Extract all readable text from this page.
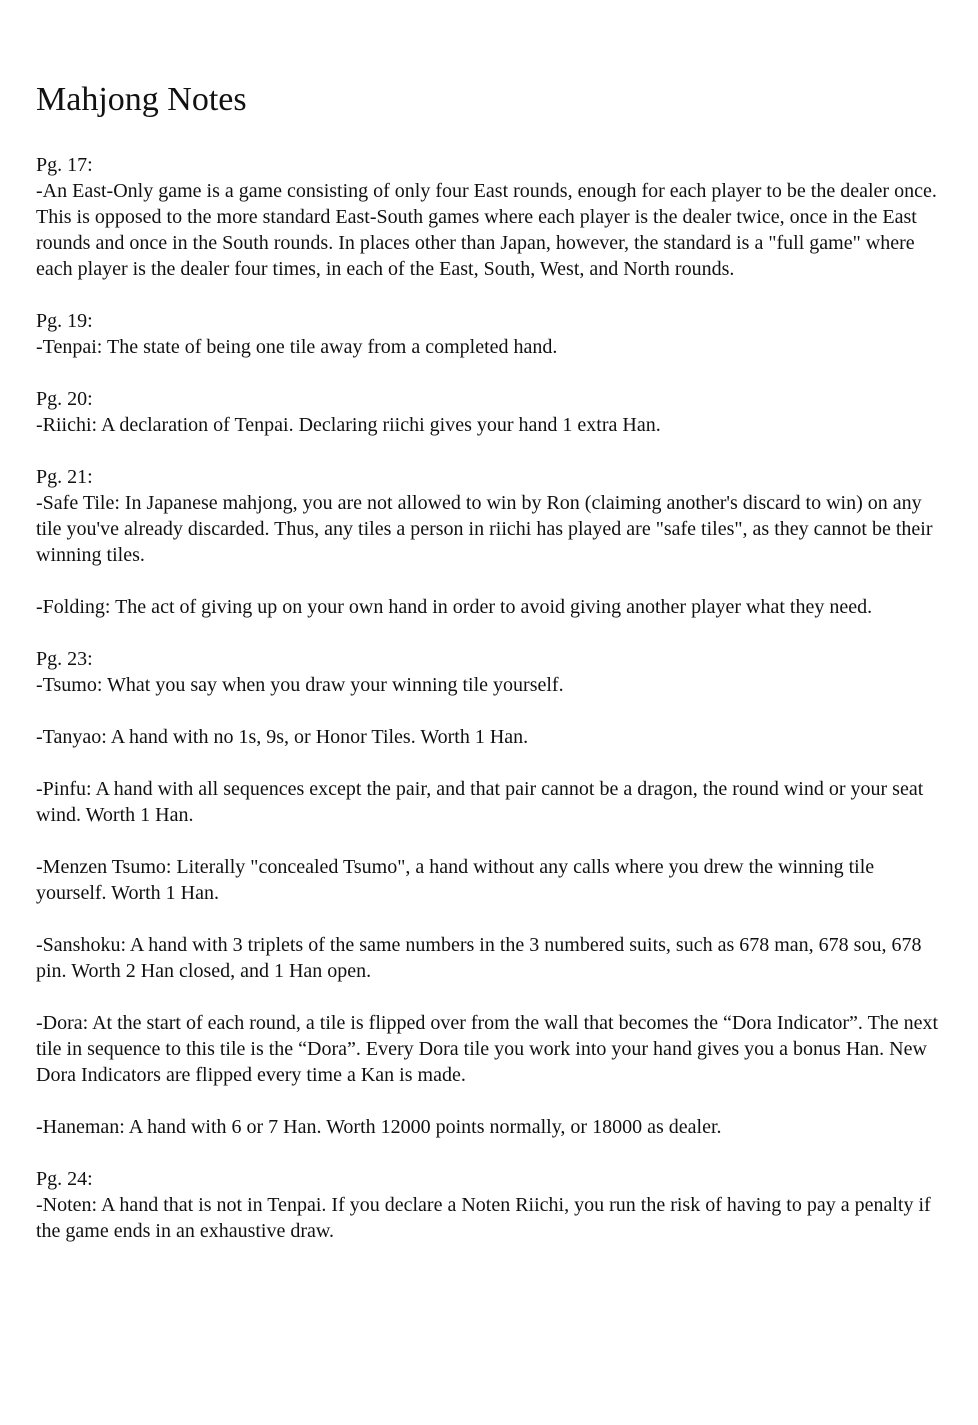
Mahjong Notes
Pg. 17:
-An East-Only game is a game consisting of only four East rounds, enough for each player to be the dealer once. This is opposed to the more standard East-South games where each player is the dealer twice, once in the East rounds and once in the South rounds. In places other than Japan, however, the standard is a "full game" where each player is the dealer four times, in each of the East, South, West, and North rounds.
Pg. 19:
-Tenpai: The state of being one tile away from a completed hand.
Pg. 20:
-Riichi: A declaration of Tenpai. Declaring riichi gives your hand 1 extra Han.
Pg. 21:
-Safe Tile: In Japanese mahjong, you are not allowed to win by Ron (claiming another's discard to win) on any tile you've already discarded. Thus, any tiles a person in riichi has played are "safe tiles", as they cannot be their winning tiles.
-Folding: The act of giving up on your own hand in order to avoid giving another player what they need.
Pg. 23:
-Tsumo: What you say when you draw your winning tile yourself.
-Tanyao: A hand with no 1s, 9s, or Honor Tiles. Worth 1 Han.
-Pinfu: A hand with all sequences except the pair, and that pair cannot be a dragon, the round wind or your seat wind. Worth 1 Han.
-Menzen Tsumo: Literally "concealed Tsumo", a hand without any calls where you drew the winning tile yourself. Worth 1 Han.
-Sanshoku: A hand with 3 triplets of the same numbers in the 3 numbered suits, such as 678 man, 678 sou, 678 pin. Worth 2 Han closed, and 1 Han open.
-Dora: At the start of each round, a tile is flipped over from the wall that becomes the “Dora Indicator”. The next tile in sequence to this tile is the “Dora”. Every Dora tile you work into your hand gives you a bonus Han. New Dora Indicators are flipped every time a Kan is made.
-Haneman: A hand with 6 or 7 Han. Worth 12000 points normally, or 18000 as dealer.
Pg. 24:
-Noten: A hand that is not in Tenpai. If you declare a Noten Riichi, you run the risk of having to pay a penalty if the game ends in an exhaustive draw.
